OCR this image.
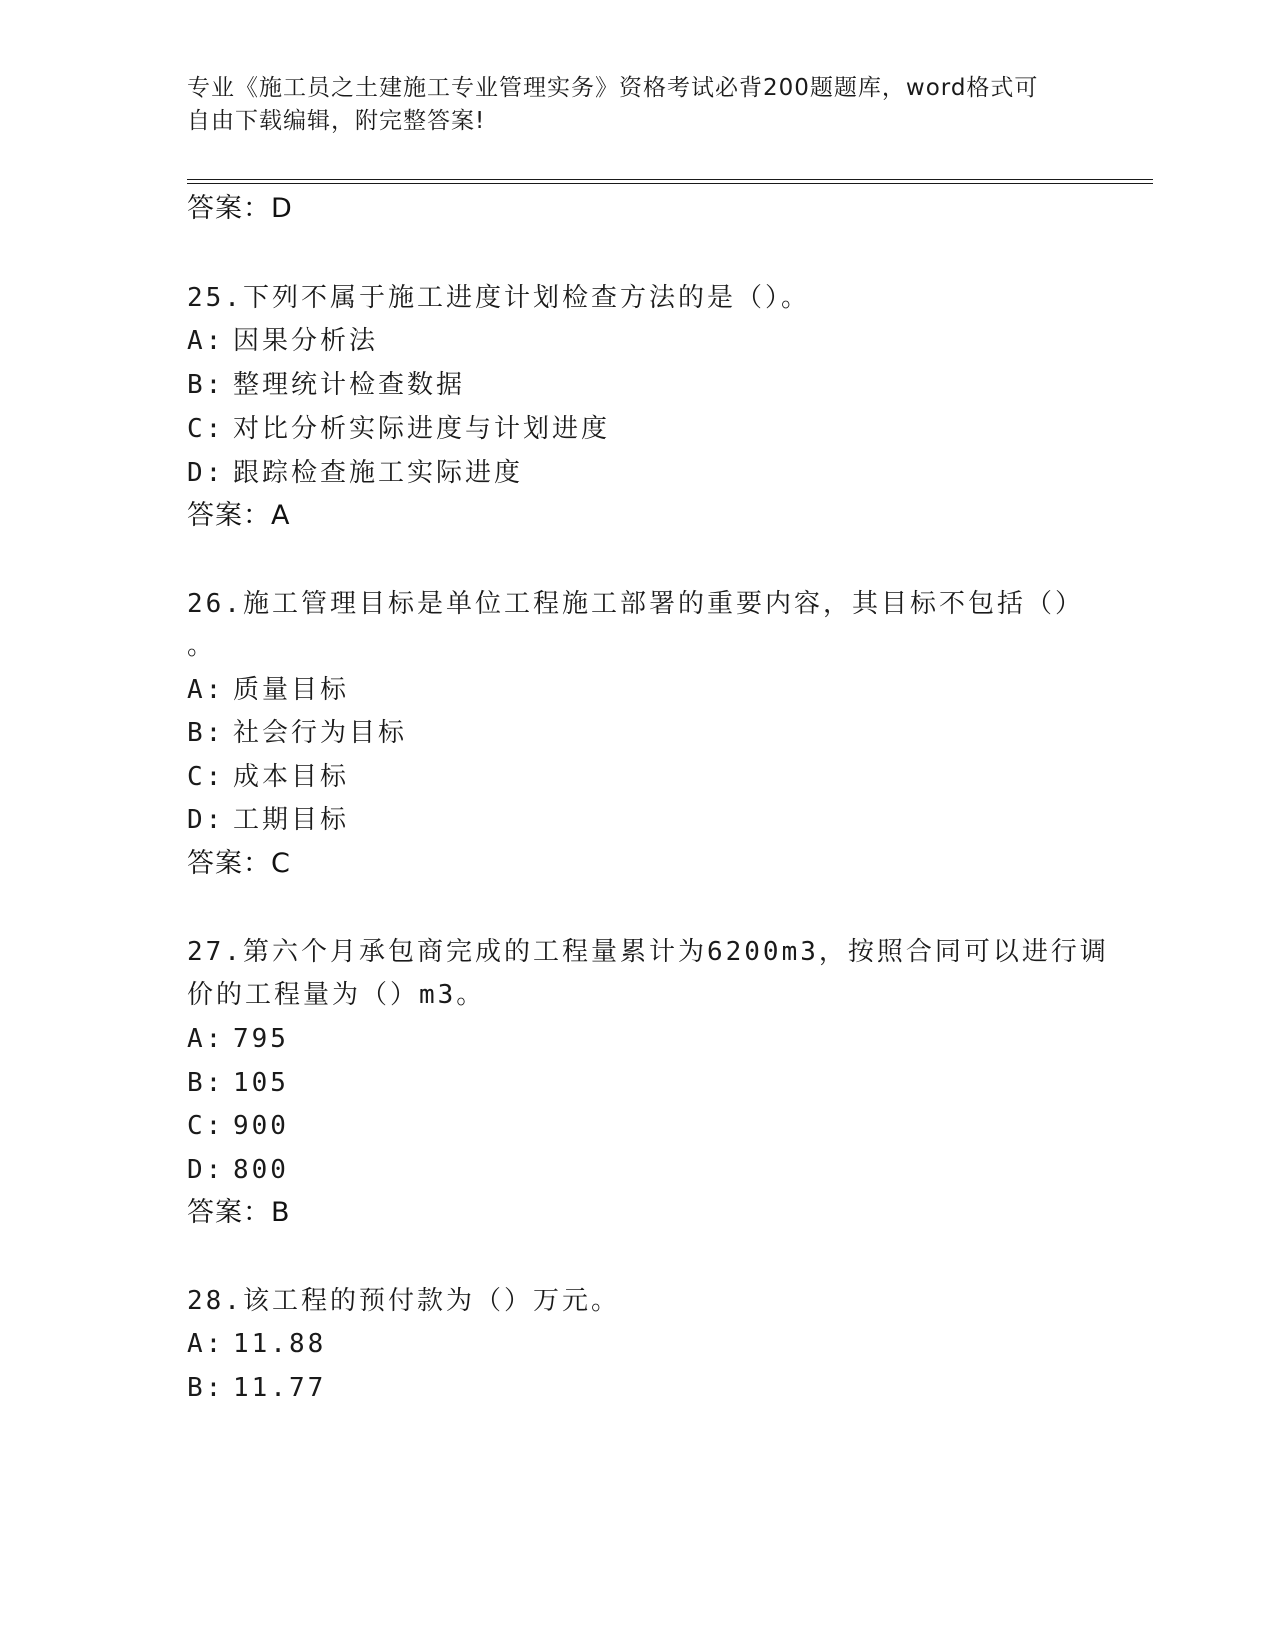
专业《施工员之土建施工专业管理实务》资格考试必背200题题库，word格式可
自由下载编辑，附完整答案!
答案：D
25.下列不属于施工进度计划检查方法的是（）。
A: 因果分析法
B: 整理统计检查数据
C: 对比分析实际进度与计划进度
D: 跟踪检查施工实际进度
答案：A
26.施工管理目标是单位工程施工部署的重要内容，其目标不包括（）
。
A: 质量目标
B: 社会行为目标
C: 成本目标
D: 工期目标
答案：C
27.第六个月承包商完成的工程量累计为6200m3，按照合同可以进行调
价的工程量为（）m3。
A: 795
B: 105
C: 900
D: 800
答案：B
28.该工程的预付款为（）万元。
A: 11.88
B: 11.77
